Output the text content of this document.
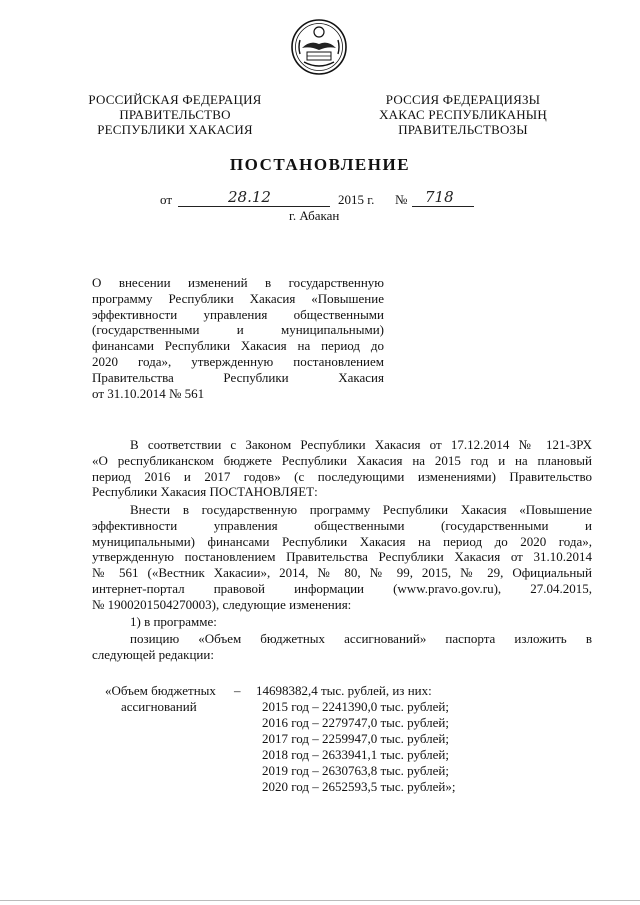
РОССИЙСКАЯ ФЕДЕРАЦИЯ
ПРАВИТЕЛЬСТВО
РЕСПУБЛИКИ ХАКАСИЯ
РОССИЯ ФЕДЕРАЦИЯЗЫ
ХАКАС РЕСПУБЛИКАНЫҢ
ПРАВИТЕЛЬСТВОЗЫ
ПОСТАНОВЛЕНИЕ
от	28.12	2015 г. № 718
г. Абакан
О внесении изменений в государственную
программу Республики Хакасия «Повышение
эффективности управления общественными
(государственными и муниципальными)
финансами Республики Хакасия на период до
2020 года», утвержденную постановлением
Правительства Республики Хакасия
от 31.10.2014 № 561
В соответствии с Законом Республики Хакасия от 17.12.2014 № 121-ЗРХ
«О республиканском бюджете Республики Хакасия на 2015 год и на плановый
период 2016 и 2017 годов» (с последующими изменениями) Правительство
Республики Хакасия ПОСТАНОВЛЯЕТ:
Внести в государственную программу Республики Хакасия «Повышение
эффективности управления общественными (государственными и
муниципальными) финансами Республики Хакасия на период до 2020 года»,
утвержденную постановлением Правительства Республики Хакасия от 31.10.2014
№ 561 («Вестник Хакасии», 2014, № 80, № 99, 2015, № 29, Официальный
интернет-портал правовой информации (www.pravo.gov.ru), 27.04.2015,
№ 1900201504270003), следующие изменения:
1) в программе:
позицию «Объем бюджетных ассигнований» паспорта изложить в
следующей редакции:
«Объем бюджетных –
ассигнований
14698382,4 тыс. рублей, из них:
2015 год – 2241390,0 тыс. рублей;
2016 год – 2279747,0 тыс. рублей;
2017 год – 2259947,0 тыс. рублей;
2018 год – 2633941,1 тыс. рублей;
2019 год – 2630763,8 тыс. рублей;
2020 год – 2652593,5 тыс. рублей»;
